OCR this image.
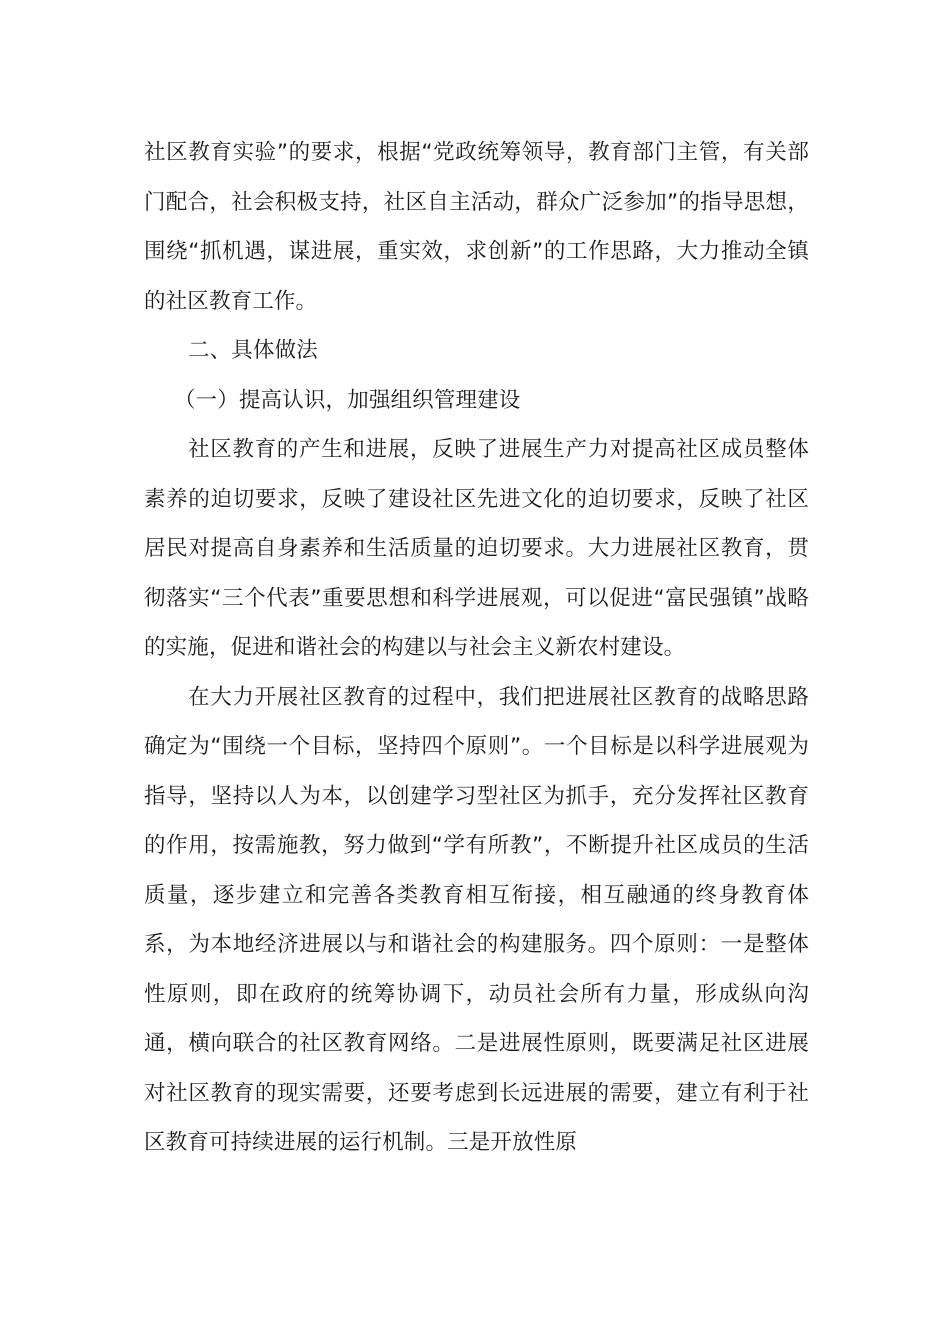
社区教育实验”的要求，根据“党政统筹领导，教育部门主管，有关部门配合，社会积极支持，社区自主活动，群众广泛参加”的指导思想，围绕“抓机遇，谋进展，重实效，求创新”的工作思路，大力推动全镇的社区教育工作。

二、具体做法

（一）提高认识，加强组织管理建设

社区教育的产生和进展，反映了进展生产力对提高社区成员整体素养的迫切要求，反映了建设社区先进文化的迫切要求，反映了社区居民对提高自身素养和生活质量的迫切要求。大力进展社区教育，贯彻落实“三个代表”重要思想和科学进展观，可以促进“富民强镇”战略的实施，促进和谐社会的构建以与社会主义新农村建设。

在大力开展社区教育的过程中，我们把进展社区教育的战略思路确定为“围绕一个目标，坚持四个原则”。一个目标是以科学进展观为指导，坚持以人为本，以创建学习型社区为抓手，充分发挥社区教育的作用，按需施教，努力做到“学有所教”，不断提升社区成员的生活质量，逐步建立和完善各类教育相互衔接，相互融通的终身教育体系，为本地经济进展以与和谐社会的构建服务。四个原则：一是整体性原则，即在政府的统筹协调下，动员社会所有力量，形成纵向沟通，横向联合的社区教育网络。二是进展性原则，既要满足社区进展对社区教育的现实需要，还要考虑到长远进展的需要，建立有利于社区教育可持续进展的运行机制。三是开放性原
